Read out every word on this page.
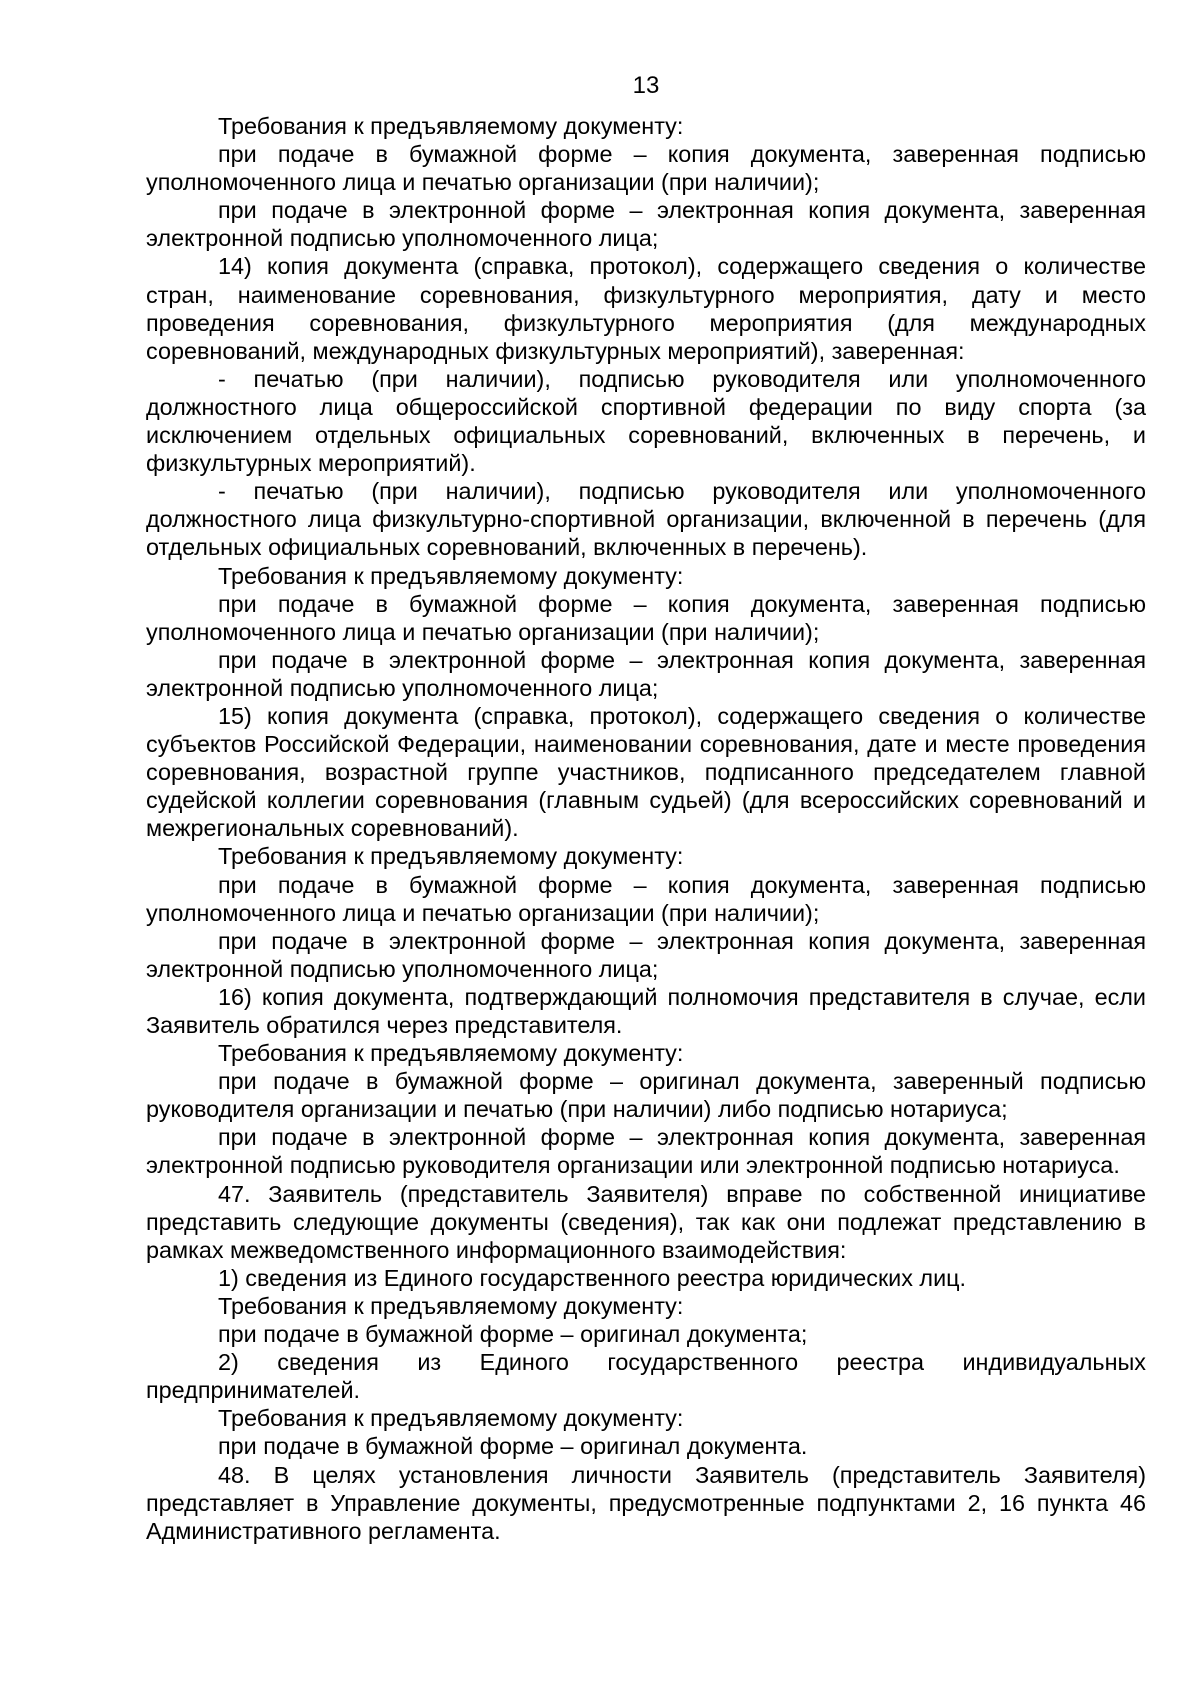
13

Требования к предъявляемому документу:

при подаче в бумажной форме – копия документа, заверенная подписью уполномоченного лица и печатью организации (при наличии);

при подаче в электронной форме – электронная копия документа, заверенная электронной подписью уполномоченного лица;

14) копия документа (справка, протокол), содержащего сведения о количестве стран, наименование соревнования, физкультурного мероприятия, дату и место проведения соревнования, физкультурного мероприятия (для международных соревнований, международных физкультурных мероприятий), заверенная:

- печатью (при наличии), подписью руководителя или уполномоченного должностного лица общероссийской спортивной федерации по виду спорта (за исключением отдельных официальных соревнований, включенных в перечень, и физкультурных мероприятий).

- печатью (при наличии), подписью руководителя или уполномоченного должностного лица физкультурно-спортивной организации, включенной в перечень (для отдельных официальных соревнований, включенных в перечень).

Требования к предъявляемому документу:

при подаче в бумажной форме – копия документа, заверенная подписью уполномоченного лица и печатью организации (при наличии);

при подаче в электронной форме – электронная копия документа, заверенная электронной подписью уполномоченного лица;

15) копия документа (справка, протокол), содержащего сведения о количестве субъектов Российской Федерации, наименовании соревнования, дате и месте проведения соревнования, возрастной группе участников, подписанного председателем главной судейской коллегии соревнования (главным судьей) (для всероссийских соревнований и межрегиональных соревнований).

Требования к предъявляемому документу:

при подаче в бумажной форме – копия документа, заверенная подписью уполномоченного лица и печатью организации (при наличии);

при подаче в электронной форме – электронная копия документа, заверенная электронной подписью уполномоченного лица;

16) копия документа, подтверждающий полномочия представителя в случае, если Заявитель обратился через представителя.

Требования к предъявляемому документу:

при подаче в бумажной форме – оригинал документа, заверенный подписью руководителя организации и печатью (при наличии) либо подписью нотариуса;

при подаче в электронной форме – электронная копия документа, заверенная электронной подписью руководителя организации или электронной подписью нотариуса.

47. Заявитель (представитель Заявителя) вправе по собственной инициативе представить следующие документы (сведения), так как они подлежат представлению в рамках межведомственного информационного взаимодействия:

1) сведения из Единого государственного реестра юридических лиц.

Требования к предъявляемому документу:

при подаче в бумажной форме – оригинал документа;

2) сведения из Единого государственного реестра индивидуальных предпринимателей.

Требования к предъявляемому документу:

при подаче в бумажной форме – оригинал документа.

48. В целях установления личности Заявитель (представитель Заявителя) представляет в Управление документы, предусмотренные подпунктами 2, 16 пункта 46 Административного регламента.
